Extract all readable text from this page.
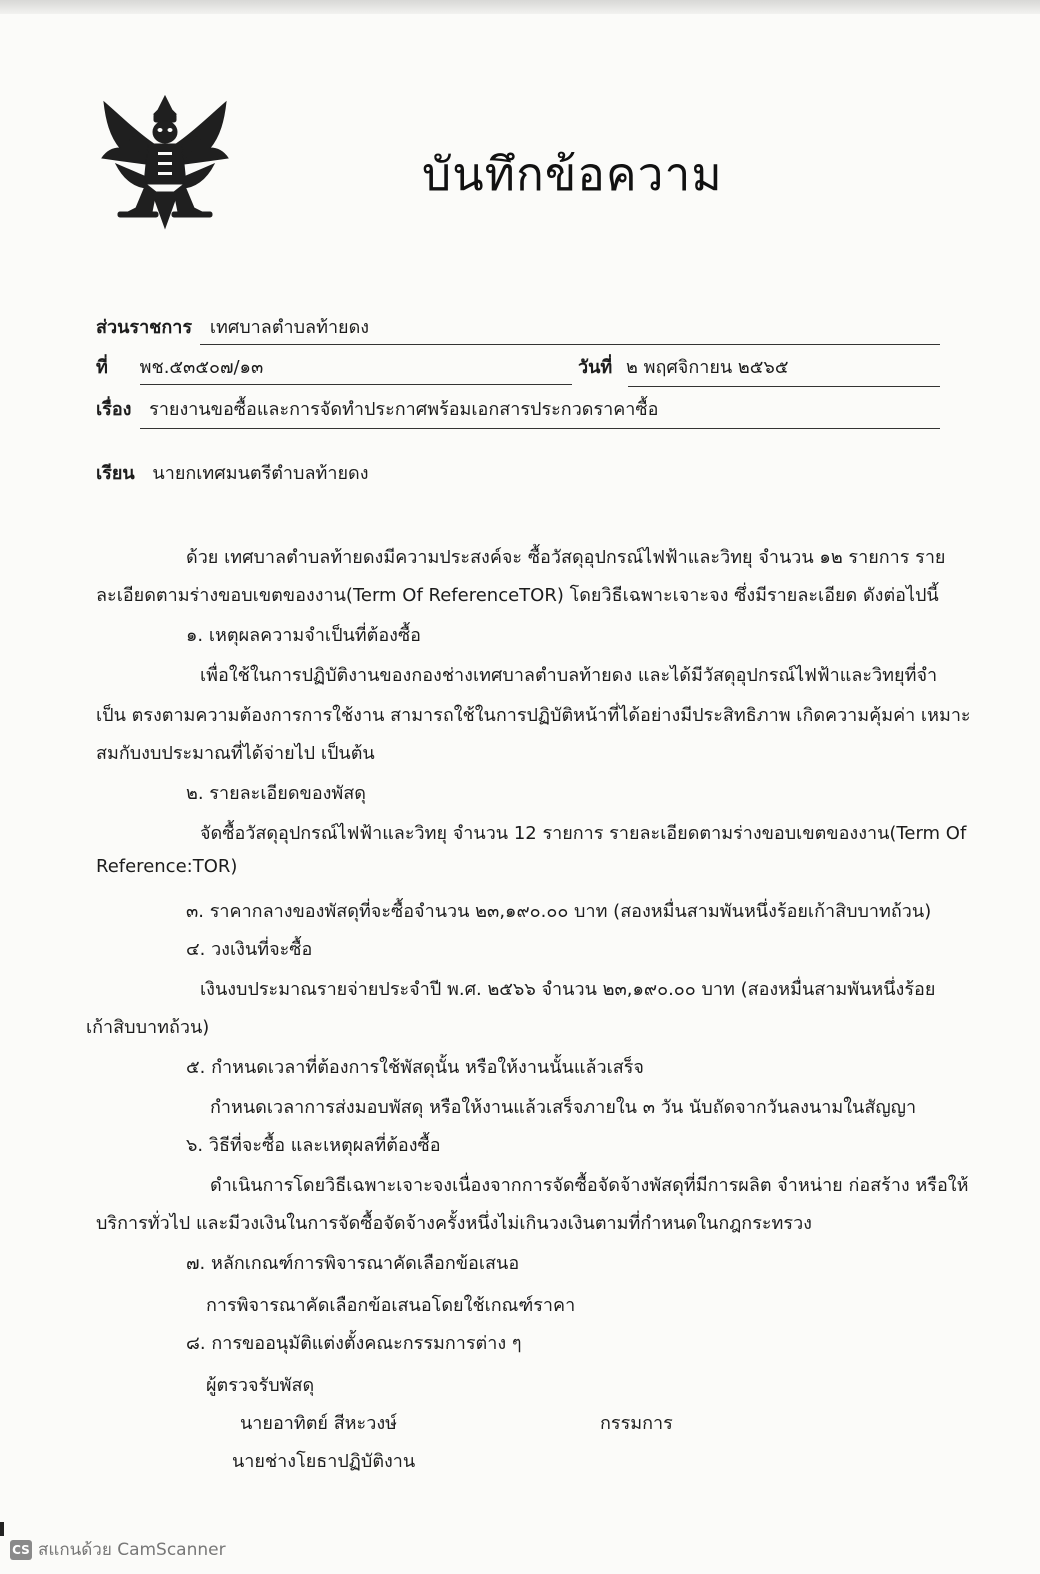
บันทึกข้อความ
ส่วนราชการ เทศบาลตำบลท้ายดง
ที่ พช.๕๓๕๐๗/๑๓	วันที่ ๒ พฤศจิกายน ๒๕๖๕
เรื่อง รายงานขอซื้อและการจัดทำประกาศพร้อมเอกสารประกวดราคาซื้อ
เรียน นายกเทศมนตรีตำบลท้ายดง
ด้วย เทศบาลตำบลท้ายดงมีความประสงค์จะ ซื้อวัสดุอุปกรณ์ไฟฟ้าและวิทยุ จำนวน ๑๒ รายการ ราย
ละเอียดตามร่างขอบเขตของงาน(Term Of ReferenceTOR) โดยวิธีเฉพาะเจาะจง ซึ่งมีรายละเอียด ดังต่อไปนี้
๑. เหตุผลความจำเป็นที่ต้องซื้อ
เพื่อใช้ในการปฏิบัติงานของกองช่างเทศบาลตำบลท้ายดง และได้มีวัสดุอุปกรณ์ไฟฟ้าและวิทยุที่จำ
เป็น ตรงตามความต้องการการใช้งาน สามารถใช้ในการปฏิบัติหน้าที่ได้อย่างมีประสิทธิภาพ เกิดความคุ้มค่า เหมาะ
สมกับงบประมาณที่ได้จ่ายไป เป็นต้น
๒. รายละเอียดของพัสดุ
จัดซื้อวัสดุอุปกรณ์ไฟฟ้าและวิทยุ จำนวน 12 รายการ รายละเอียดตามร่างขอบเขตของงาน(Term Of
Reference:TOR)
๓. ราคากลางของพัสดุที่จะซื้อจำนวน ๒๓,๑๙๐.๐๐ บาท (สองหมื่นสามพันหนึ่งร้อยเก้าสิบบาทถ้วน)
๔. วงเงินที่จะซื้อ
เงินงบประมาณรายจ่ายประจำปี พ.ศ. ๒๕๖๖ จำนวน ๒๓,๑๙๐.๐๐ บาท (สองหมื่นสามพันหนึ่งร้อย
เก้าสิบบาทถ้วน)
๕. กำหนดเวลาที่ต้องการใช้พัสดุนั้น หรือให้งานนั้นแล้วเสร็จ
กำหนดเวลาการส่งมอบพัสดุ หรือให้งานแล้วเสร็จภายใน ๓ วัน นับถัดจากวันลงนามในสัญญา
๖. วิธีที่จะซื้อ และเหตุผลที่ต้องซื้อ
ดำเนินการโดยวิธีเฉพาะเจาะจงเนื่องจากการจัดซื้อจัดจ้างพัสดุที่มีการผลิต จำหน่าย ก่อสร้าง หรือให้
บริการทั่วไป และมีวงเงินในการจัดซื้อจัดจ้างครั้งหนึ่งไม่เกินวงเงินตามที่กำหนดในกฎกระทรวง
๗. หลักเกณฑ์การพิจารณาคัดเลือกข้อเสนอ
การพิจารณาคัดเลือกข้อเสนอโดยใช้เกณฑ์ราคา
๘. การขออนุมัติแต่งตั้งคณะกรรมการต่าง ๆ
ผู้ตรวจรับพัสดุ
นายอาทิตย์ สีหะวงษ์	กรรมการ
นายช่างโยธาปฏิบัติงาน
CS สแกนด้วย CamScanner
